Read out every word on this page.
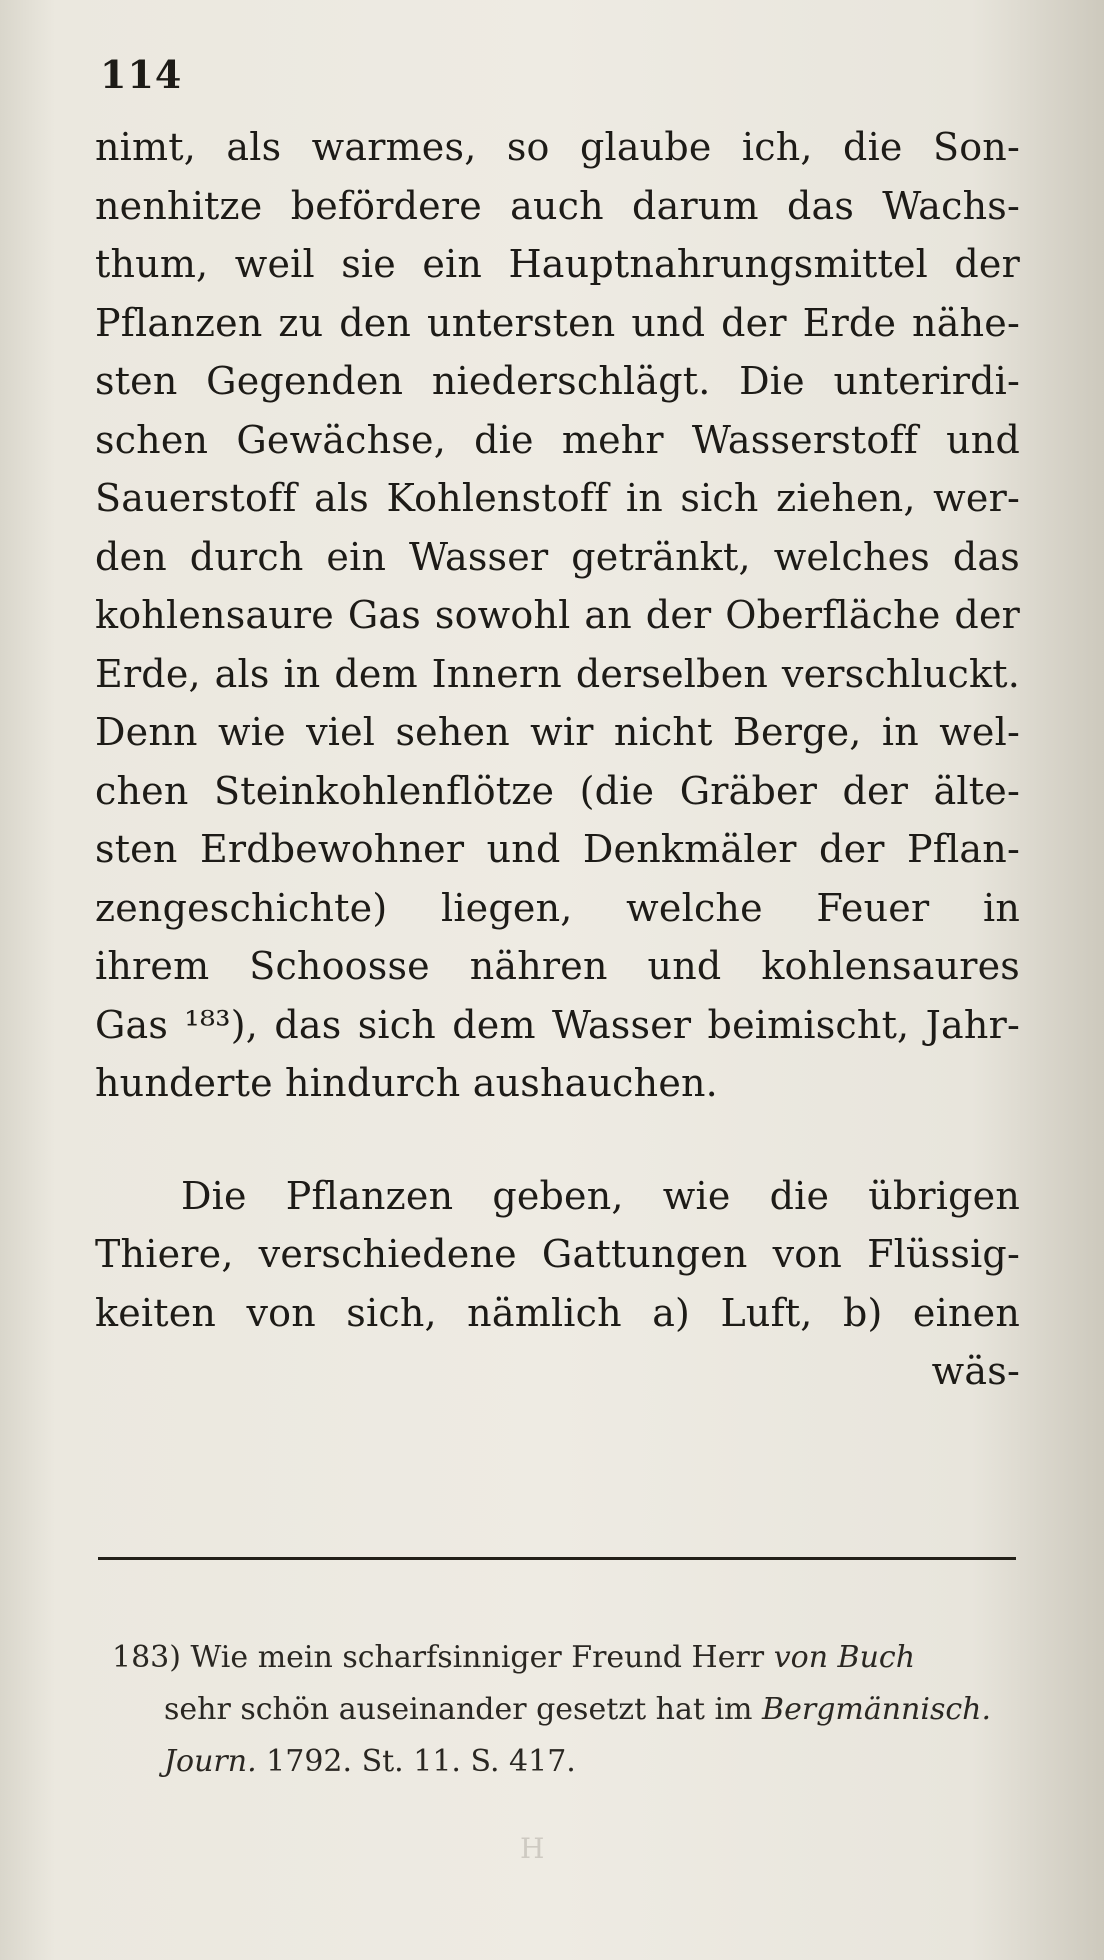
114
nimt, als warmes, so glaube ich, die Son-
nenhitze befördere auch darum das Wachs-
thum, weil sie ein Hauptnahrungsmittel der
Pflanzen zu den untersten und der Erde nähe-
sten Gegenden niederschlägt. Die unterirdi-
schen Gewächse, die mehr Wasserstoff und
Sauerstoff als Kohlenstoff in sich ziehen, wer-
den durch ein Wasser getränkt, welches das
kohlensaure Gas sowohl an der Oberfläche der
Erde, als in dem Innern derselben verschluckt.
Denn wie viel sehen wir nicht Berge, in wel-
chen Steinkohlenflötze (die Gräber der älte-
sten Erdbewohner und Denkmäler der Pflan-
zengeschichte) liegen, welche Feuer in
ihrem Schoosse nähren und kohlensaures
Gas ¹⁸³), das sich dem Wasser beimischt, Jahr-
hunderte hindurch aushauchen.
Die Pflanzen geben, wie die übrigen
Thiere, verschiedene Gattungen von Flüssig-
keiten von sich, nämlich a) Luft, b) einen
wäs-
183) Wie mein scharfsinniger Freund Herr von Buch
sehr schön auseinander gesetzt hat im Bergmännisch.
Journ. 1792. St. 11. S. 417.
H
